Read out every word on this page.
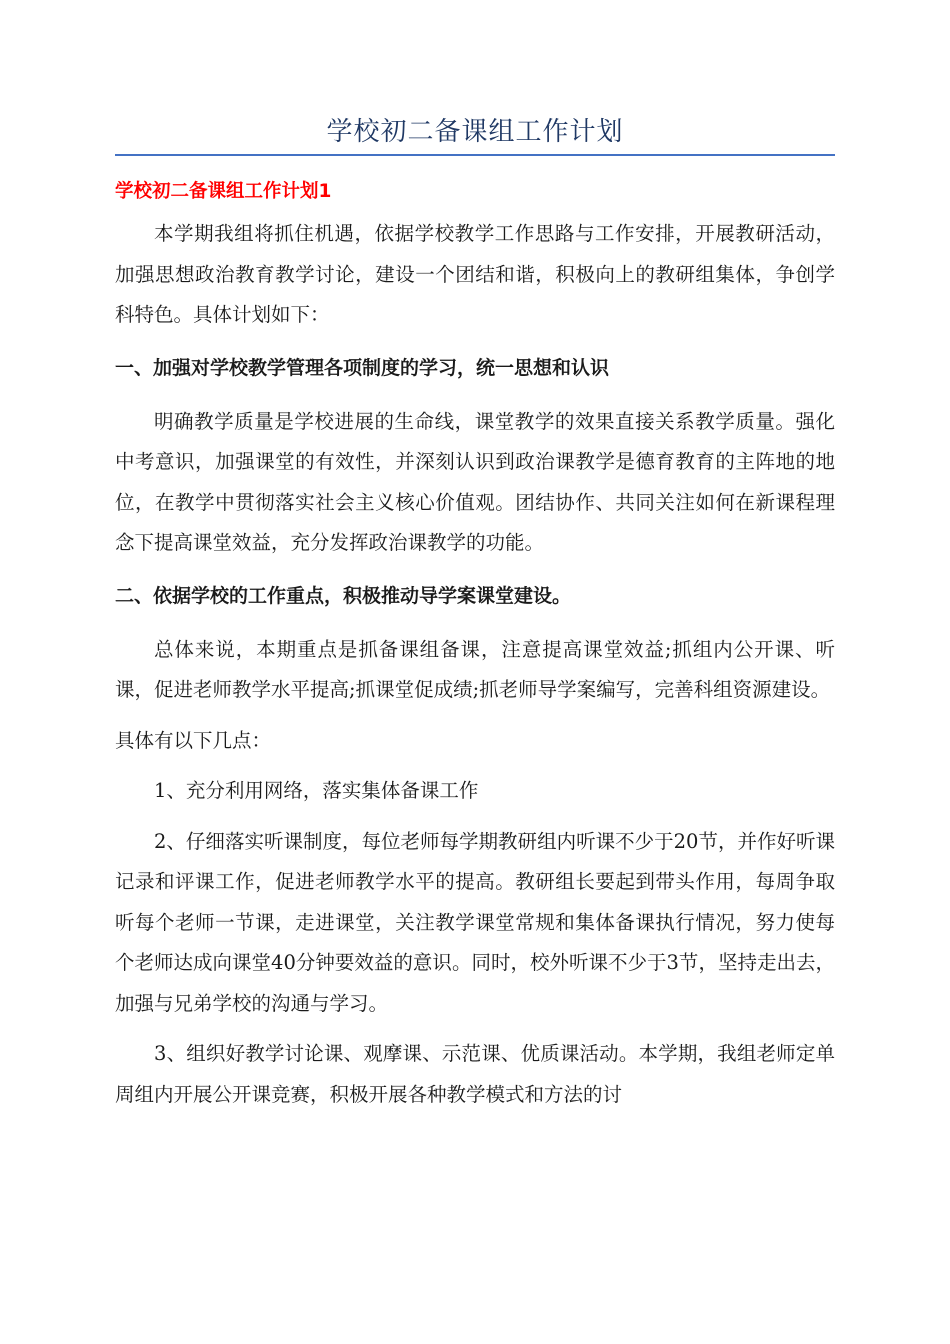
学校初二备课组工作计划

学校初二备课组工作计划1

本学期我组将抓住机遇，依据学校教学工作思路与工作安排，开展教研活动，加强思想政治教育教学讨论，建设一个团结和谐，积极向上的教研组集体，争创学科特色。具体计划如下：

一、加强对学校教学管理各项制度的学习，统一思想和认识

明确教学质量是学校进展的生命线，课堂教学的效果直接关系教学质量。强化中考意识，加强课堂的有效性，并深刻认识到政治课教学是德育教育的主阵地的地位，在教学中贯彻落实社会主义核心价值观。团结协作、共同关注如何在新课程理念下提高课堂效益，充分发挥政治课教学的功能。

二、依据学校的工作重点，积极推动导学案课堂建设。

总体来说，本期重点是抓备课组备课，注意提高课堂效益;抓组内公开课、听课，促进老师教学水平提高;抓课堂促成绩;抓老师导学案编写，完善科组资源建设。

具体有以下几点：

1、充分利用网络，落实集体备课工作

2、仔细落实听课制度，每位老师每学期教研组内听课不少于20节，并作好听课记录和评课工作，促进老师教学水平的提高。教研组长要起到带头作用，每周争取听每个老师一节课，走进课堂，关注教学课堂常规和集体备课执行情况，努力使每个老师达成向课堂40分钟要效益的意识。同时，校外听课不少于3节，坚持走出去，加强与兄弟学校的沟通与学习。

3、组织好教学讨论课、观摩课、示范课、优质课活动。本学期，我组老师定单周组内开展公开课竞赛，积极开展各种教学模式和方法的讨
